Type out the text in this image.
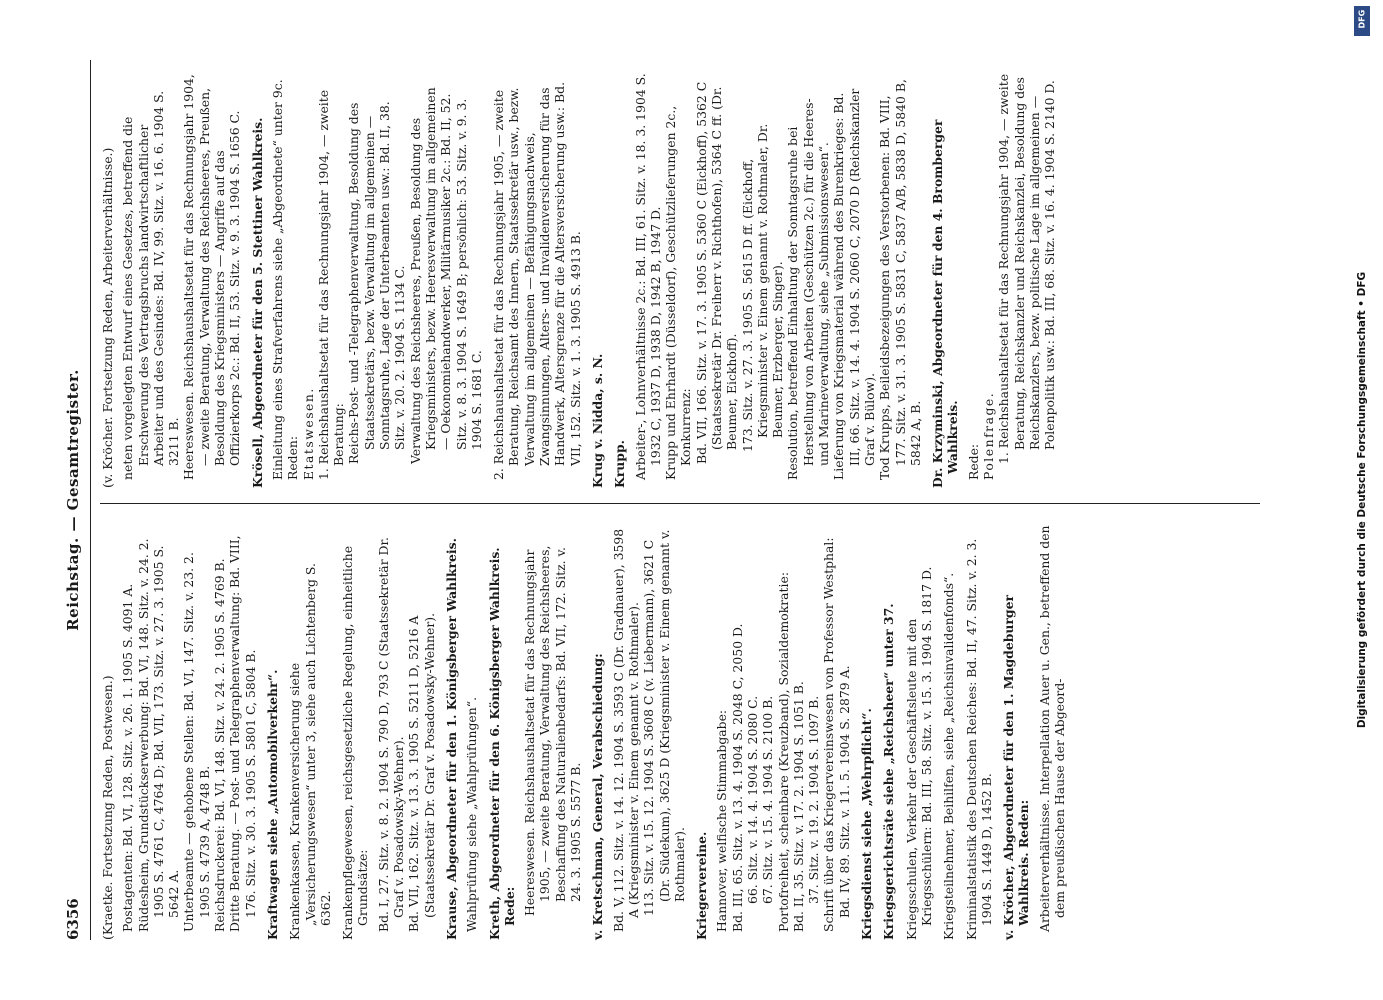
6356
Reichstag. — Gesamtregister.

(Kraetke. Fortsetzung Reden, Postwesen.) Postagenten: Bd. VI, 128. Sitz. v. 26. 1. 1905 S. 4091 A. Rüdesheim, Grundstückserwerbung: Bd. VI, 148. Sitz. v. 24. 2. 1905 S. 4761 C, 4764 D; Bd. VII, 173. Sitz. v. 27. 3. 1905 S. 5642 A. Unterbeamte — gehobene Stellen: Bd. VI, 147. Sitz. v. 23. 2. 1905 S. 4739 A, 4748 B. Reichsdruckerei: Bd. VI, 148. Sitz. v. 24. 2. 1905 S. 4769 B. Dritte Beratung. — Post- und Telegraphenverwaltung: Bd. VIII, 176. Sitz. v. 30. 3. 1905 S. 5801 C, 5804 B. Kraftwagen siehe „Automobilverkehr“. Krankenkassen, Krankenversicherung siehe „Versicherungswesen“ unter 3, siehe auch Lichtenberg S. 6362. Krankenpflegewesen, reichsgesetzliche Regelung, einheitliche Grundsätze: Bd. I, 27. Sitz. v. 8. 2. 1904 S. 790 D, 793 C (Staatssekretär Dr. Graf v. Posadowsky-Wehner). Bd. VII, 162. Sitz. v. 13. 3. 1905 S. 5211 D, 5216 A (Staatssekretär Dr. Graf v. Posadowsky-Wehner). Krause, Abgeordneter für den 1. Königsberger Wahlkreis. Wahlprüfung siehe „Wahlprüfungen“. Kreth, Abgeordneter für den 6. Königsberger Wahlkreis. Rede: Heereswesen. Reichshaushaltsetat für das Rechnungsjahr 1905, — zweite Beratung, Verwaltung des Reichsheeres, Beschaffung des Naturalienbedarfs: Bd. VII, 172. Sitz. v. 24. 3. 1905 S. 5577 B. v. Kretschman, General, Verabschiedung: Bd. V, 112. Sitz. v. 14. 12. 1904 S. 3593 C (Dr. Gradnauer), 3598 A (Kriegsminister v. Einem genannt v. Rothmaler). 113. Sitz. v. 15. 12. 1904 S. 3608 C (v. Liebermann), 3621 C (Dr. Südekum), 3625 D (Kriegsminister v. Einem genannt v. Rothmaler). Kriegervereine. Hannover, welfische Stimmabgabe: Bd. III, 65. Sitz. v. 13. 4. 1904 S. 2048 C, 2050 D. 66. Sitz. v. 14. 4. 1904 S. 2080 C. 67. Sitz. v. 15. 4. 1904 S. 2100 B. Portofreiheit, scheinbare (Kreuzband), Sozialdemokratie: Bd. II, 35. Sitz. v. 17. 2. 1904 S. 1051 B. 37. Sitz. v. 19. 2. 1904 S. 1097 B. Schrift über das Kriegervereinswesen von Professor Westphal: Bd. IV, 89. Sitz. v. 11. 5. 1904 S. 2879 A. Kriegsdienst siehe „Wehrpflicht“. Kriegsgerichtsräte siehe „Reichsheer“ unter 37. Kriegsschulen, Verkehr der Geschäftsleute mit den Kriegsschülern: Bd. III, 58. Sitz. v. 15. 3. 1904 S. 1817 D. Kriegsteilnehmer, Beihilfen, siehe „Reichsinvalidenfonds“. Kriminalstatistik des Deutschen Reiches: Bd. II, 47. Sitz. v. 2. 3. 1904 S. 1449 D, 1452 B. v. Kröcher, Abgeordneter für den 1. Magdeburger Wahlkreis. Reden: Arbeiterverhältnisse. Interpellation Auer u. Gen., betreffend den dem preußischen Hause der Abgeord-

(v. Kröcher. Fortsetzung Reden, Arbeiterverhältnisse.) neten vorgelegten Entwurf eines Gesetzes, betreffend die Erschwerung des Vertragsbruchs landwirtschaftlicher Arbeiter und des Gesindes: Bd. IV, 99. Sitz. v. 16. 6. 1904 S. 3211 B. Heereswesen. Reichshaushaltsetat für das Rechnungsjahr 1904, — zweite Beratung, Verwaltung des Reichsheeres, Preußen, Besoldung des Kriegsministers — Angriffe auf das Offizierkorps 2c.: Bd. II, 53. Sitz. v. 9. 3. 1904 S. 1656 C. Krösell, Abgeordneter für den 5. Stettiner Wahlkreis. Einleitung eines Strafverfahrens siehe „Abgeordnete“ unter 9c. Reden: Etatswesen. 1. Reichshaushaltsetat für das Rechnungsjahr 1904, — zweite Beratung: Reichs-Post- und -Telegraphenverwaltung, Besoldung des Staatssekretärs, bezw. Verwaltung im allgemeinen — Sonntagsruhe, Lage der Unterbeamten usw.: Bd. II, 38. Sitz. v. 20. 2. 1904 S. 1134 C. Verwaltung des Reichsheeres, Preußen, Besoldung des Kriegsministers, bezw. Heeresverwaltung im allgemeinen — Oekonomiehandwerker, Militärmusiker 2c.: Bd. II, 52. Sitz. v. 8. 3. 1904 S. 1649 B; persönlich: 53. Sitz. v. 9. 3. 1904 S. 1681 C. 2. Reichshaushaltsetat für das Rechnungsjahr 1905, — zweite Beratung, Reichsamt des Innern, Staatssekretär usw., bezw. Verwaltung im allgemeinen — Befähigungsnachweis, Zwangsinnungen, Alters- und Invalidenversicherung für das Handwerk, Altersgrenze für die Altersversicherung usw.: Bd. VII, 152. Sitz. v. 1. 3. 1905 S. 4913 B. Krug v. Nidda, s. N. Krupp. Arbeiter-, Lohnverhältnisse 2c.: Bd. III, 61. Sitz. v. 18. 3. 1904 S. 1932 C, 1937 D, 1938 D, 1942 B, 1947 D. Krupp und Ehrhardt (Düsseldorf), Geschützlieferungen 2c., Konkurrenz: Bd. VII, 166. Sitz. v. 17. 3. 1905 S. 5360 C (Eickhoff), 5362 C (Staatssekretär Dr. Freiherr v. Richthofen), 5364 C ff. (Dr. Beumer, Eickhoff). 173. Sitz. v. 27. 3. 1905 S. 5615 D ff. (Eickhoff, Kriegsminister v. Einem genannt v. Rothmaler, Dr. Beumer, Erzberger, Singer). Resolution, betreffend Einhaltung der Sonntagsruhe bei Herstellung von Arbeiten (Geschützen 2c.) für die Heeres- und Marineverwaltung, siehe „Submissionswesen“. Lieferung von Kriegsmaterial während des Burenkrieges: Bd. III, 66. Sitz. v. 14. 4. 1904 S. 2060 C, 2070 D (Reichskanzler Graf v. Bülow). Tod Krupps, Beileidsbezeigungen des Verstorbenen: Bd. VIII, 177. Sitz. v. 31. 3. 1905 S. 5831 C, 5837 A/B, 5838 D, 5840 B, 5842 A, B. Dr. Krzyminski, Abgeordneter für den 4. Bromberger Wahlkreis. Rede: Polenfrage. 1. Reichshaushaltsetat für das Rechnungsjahr 1904, — zweite Beratung, Reichskanzler und Reichskanzlei, Besoldung des Reichskanzlers, bezw. politische Lage im allgemeinen — Polenpolitik usw.: Bd. III, 68. Sitz. v. 16. 4. 1904 S. 2140 D.

Digitalisierung gefördert durch die Deutsche Forschungsgemeinschaft • DFG
DFG
